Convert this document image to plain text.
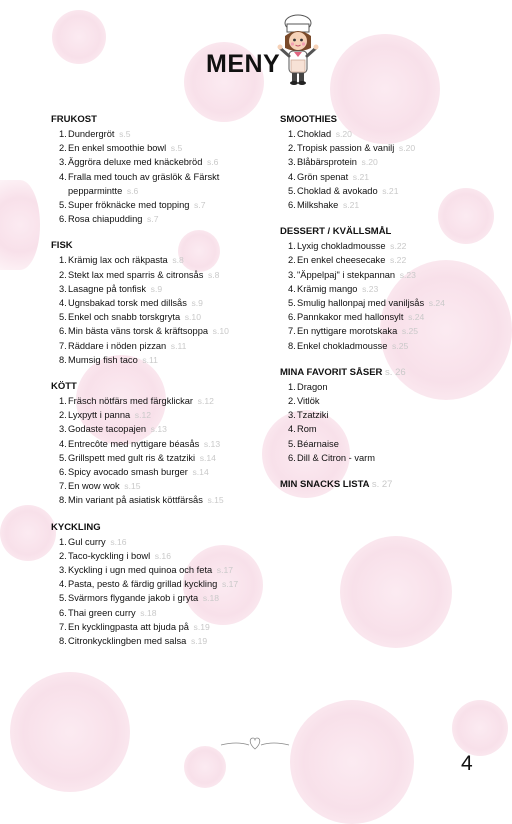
MENY
FRUKOST
1. Dundergröt s.5
2. En enkel smoothie bowl s.5
3. Äggröra deluxe med knäckebröd s.6
4. Fralla med touch av gräslök & Färskt pepparmintte s.6
5. Super fröknäcke med topping s.7
6. Rosa chiapudding s.7
FISK
1. Krämig lax och räkpasta s.8
2. Stekt lax med sparris & citronsås s.8
3. Lasagne på tonfisk s.9
4. Ugnsbakad torsk med dillsås s.9
5. Enkel och snabb torskgryta s.10
6. Min bästa väns torsk & kräftsoppa s.10
7. Räddare i nöden pizzan s.11
8. Mumsig fish taco s.11
KÖTT
1. Fräsch nötfärs med färgklickar s.12
2. Lyxpytt i panna s.12
3. Godaste tacopajen s.13
4. Entrecôte med nyttigare béasås s.13
5. Grillspett med gult ris & tzatziki s.14
6. Spicy avocado smash burger s.14
7. En wow wok s.15
8. Min variant på asiatisk köttfärsås s.15
KYCKLING
1. Gul curry s.16
2. Taco-kyckling i bowl s.16
3. Kyckling i ugn med quinoa och feta s.17
4. Pasta, pesto & färdig grillad kyckling s.17
5. Svärmors flygande jakob i gryta s.18
6. Thai green curry s.18
7. En kycklingpasta att bjuda på s.19
8. Citronkycklingben med salsa s.19
SMOOTHIES
1. Choklad s.20
2. Tropisk passion & vanilj s.20
3. Blåbärsprotein s.20
4. Grön spenat s.21
5. Choklad & avokado s.21
6. Milkshake s.21
DESSERT / KVÄLLSMÅL
1. Lyxig chokladmousse s.22
2. En enkel cheesecake s.22
3. "Äppelpaj" i stekpannan s.23
4. Krämig mango s.23
5. Smulig hallonpaj med vaniljsås s.24
6. Pannkakor med hallonsylt s.24
7. En nyttigare morotskaka s.25
8. Enkel chokladmousse s.25
MINA FAVORIT SÅSER s. 26
1. Dragon
2. Vitlök
3. Tzatziki
4. Rom
5. Béarnaise
6. Dill & Citron - varm
MIN SNACKS LISTA s. 27
4
